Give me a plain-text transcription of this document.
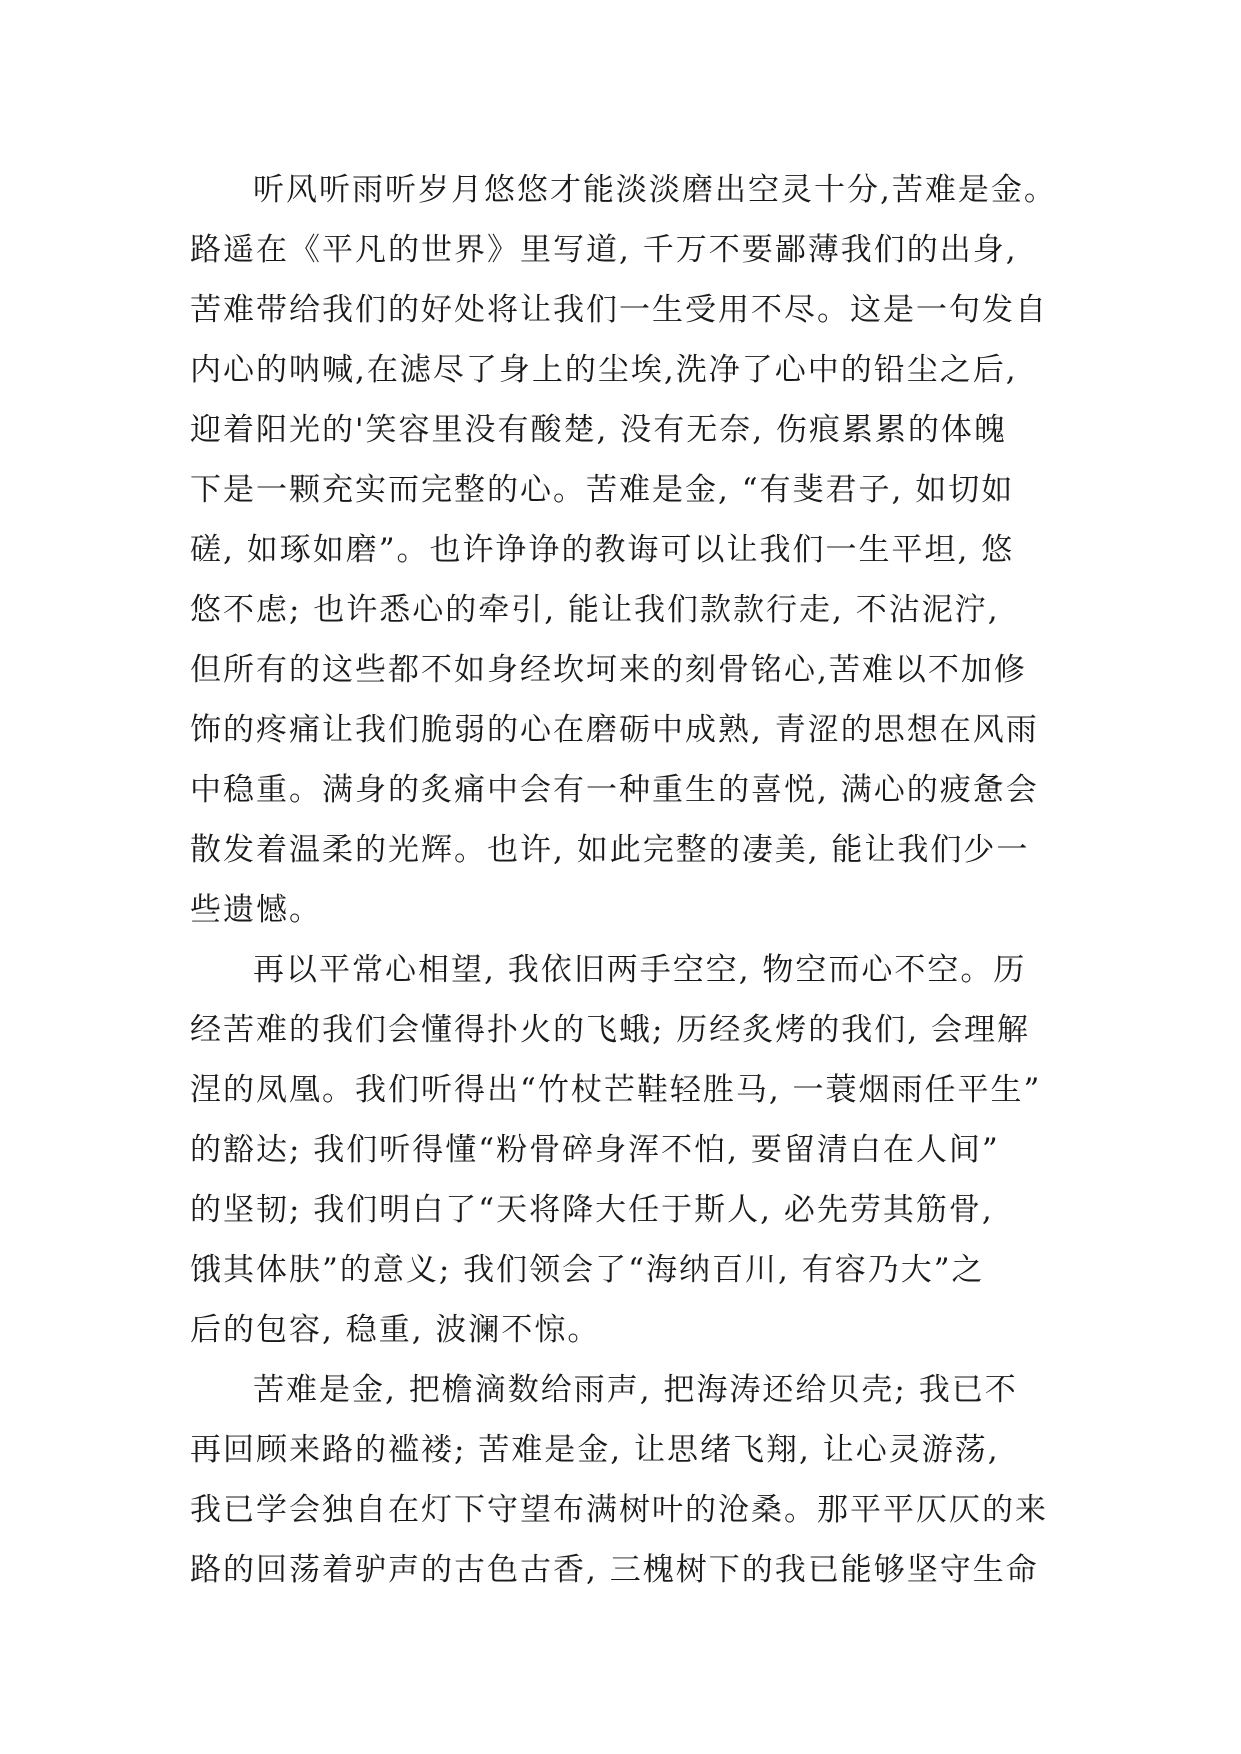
听风听雨听岁月悠悠才能淡淡磨出空灵十分,苦难是金。
路遥在《平凡的世界》里写道, 千万不要鄙薄我们的出身,
苦难带给我们的好处将让我们一生受用不尽。这是一句发自
内心的呐喊,在滤尽了身上的尘埃,洗净了心中的铅尘之后,
迎着阳光的'笑容里没有酸楚, 没有无奈, 伤痕累累的体魄
下是一颗充实而完整的心。苦难是金, “有斐君子, 如切如
磋, 如琢如磨”。也许诤诤的教诲可以让我们一生平坦, 悠
悠不虑; 也许悉心的牵引, 能让我们款款行走, 不沾泥泞,
但所有的这些都不如身经坎坷来的刻骨铭心,苦难以不加修
饰的疼痛让我们脆弱的心在磨砺中成熟, 青涩的思想在风雨
中稳重。满身的炙痛中会有一种重生的喜悦, 满心的疲惫会
散发着温柔的光辉。也许, 如此完整的凄美, 能让我们少一
些遗憾。
再以平常心相望, 我依旧两手空空, 物空而心不空。历
经苦难的我们会懂得扑火的飞蛾; 历经炙烤的我们, 会理解
涅的凤凰。我们听得出“竹杖芒鞋轻胜马, 一蓑烟雨任平生”
的豁达; 我们听得懂“粉骨碎身浑不怕, 要留清白在人间”
的坚韧; 我们明白了“天将降大任于斯人, 必先劳其筋骨,
饿其体肤”的意义; 我们领会了“海纳百川, 有容乃大”之
后的包容, 稳重, 波澜不惊。
苦难是金, 把檐滴数给雨声, 把海涛还给贝壳; 我已不
再回顾来路的褴褛; 苦难是金, 让思绪飞翔, 让心灵游荡,
我已学会独自在灯下守望布满树叶的沧桑。那平平仄仄的来
路的回荡着驴声的古色古香, 三槐树下的我已能够坚守生命
